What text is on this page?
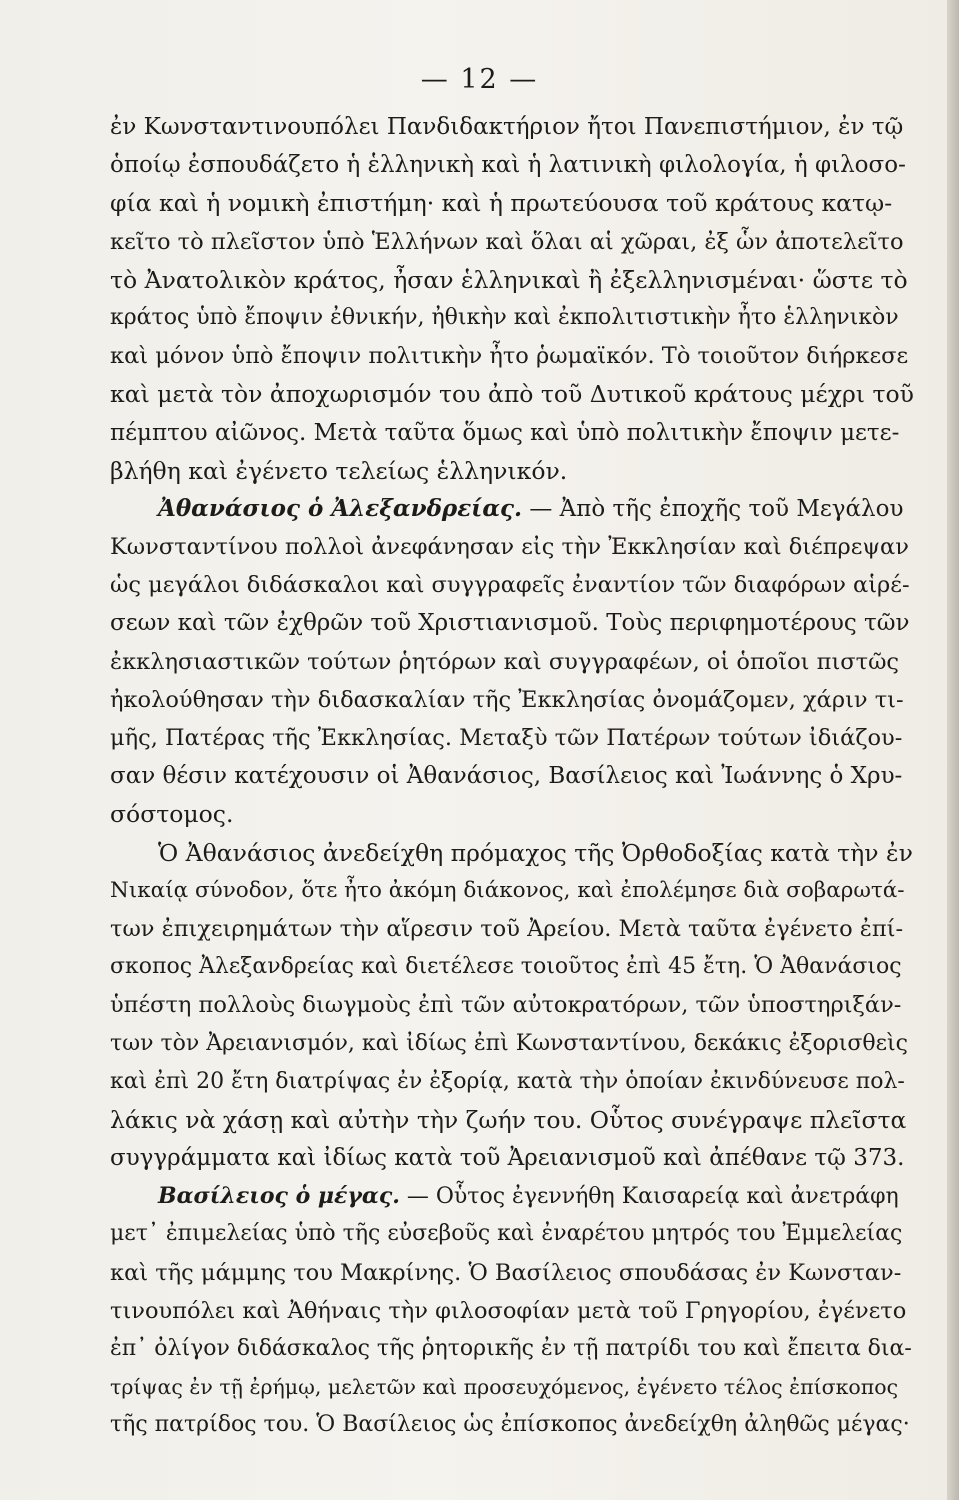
— 12 —
ἐν Κωνσταντινουπόλει Πανδιδακτήριον ἤτοι Πανεπιστήμιον, ἐν τῷ
ὁποίῳ ἐσπουδάζετο ἡ ἑλληνικὴ καὶ ἡ λατινικὴ φιλολογία, ἡ φιλοσο-
φία καὶ ἡ νομικὴ ἐπιστήμη· καὶ ἡ πρωτεύουσα τοῦ κράτους κατῳ-
κεῖτο τὸ πλεῖστον ὑπὸ Ἑλλήνων καὶ ὅλαι αἱ χῶραι, ἐξ ὧν ἀποτελεῖτο
τὸ Ἀνατολικὸν κράτος, ἦσαν ἑλληνικαὶ ἢ ἐξελληνισμέναι· ὥστε τὸ
κράτος ὑπὸ ἔποψιν ἐθνικήν, ἠθικὴν καὶ ἐκπολιτιστικὴν ἦτο ἑλληνικὸν
καὶ μόνον ὑπὸ ἔποψιν πολιτικὴν ἦτο ῥωμαϊκόν. Τὸ τοιοῦτον διήρκεσε
καὶ μετὰ τὸν ἀποχωρισμόν του ἀπὸ τοῦ Δυτικοῦ κράτους μέχρι τοῦ
πέμπτου αἰῶνος. Μετὰ ταῦτα ὅμως καὶ ὑπὸ πολιτικὴν ἔποψιν μετε-
βλήθη καὶ ἐγένετο τελείως ἑλληνικόν.
Ἀθανάσιος ὁ Ἀλεξανδρείας. — Ἀπὸ τῆς ἐποχῆς τοῦ Μεγάλου
Κωνσταντίνου πολλοὶ ἀνεφάνησαν εἰς τὴν Ἐκκλησίαν καὶ διέπρεψαν
ὡς μεγάλοι διδάσκαλοι καὶ συγγραφεῖς ἐναντίον τῶν διαφόρων αἱρέ-
σεων καὶ τῶν ἐχθρῶν τοῦ Χριστιανισμοῦ. Τοὺς περιφημοτέρους τῶν
ἐκκλησιαστικῶν τούτων ῥητόρων καὶ συγγραφέων, οἱ ὁποῖοι πιστῶς
ἠκολούθησαν τὴν διδασκαλίαν τῆς Ἐκκλησίας ὀνομάζομεν, χάριν τι-
μῆς, Πατέρας τῆς Ἐκκλησίας. Μεταξὺ τῶν Πατέρων τούτων ἰδιάζου-
σαν θέσιν κατέχουσιν οἱ Ἀθανάσιος, Βασίλειος καὶ Ἰωάννης ὁ Χρυ-
σόστομος.
Ὁ Ἀθανάσιος ἀνεδείχθη πρόμαχος τῆς Ὀρθοδοξίας κατὰ τὴν ἐν
Νικαίᾳ σύνοδον, ὅτε ἦτο ἀκόμη διάκονος, καὶ ἐπολέμησε διὰ σοβαρωτά-
των ἐπιχειρημάτων τὴν αἵρεσιν τοῦ Ἀρείου. Μετὰ ταῦτα ἐγένετο ἐπί-
σκοπος Ἀλεξανδρείας καὶ διετέλεσε τοιοῦτος ἐπὶ 45 ἔτη. Ὁ Ἀθανάσιος
ὑπέστη πολλοὺς διωγμοὺς ἐπὶ τῶν αὐτοκρατόρων, τῶν ὑποστηριξάν-
των τὸν Ἀρειανισμόν, καὶ ἰδίως ἐπὶ Κωνσταντίνου, δεκάκις ἐξορισθεὶς
καὶ ἐπὶ 20 ἔτη διατρίψας ἐν ἐξορίᾳ, κατὰ τὴν ὁποίαν ἐκινδύνευσε πολ-
λάκις νὰ χάσῃ καὶ αὐτὴν τὴν ζωήν του. Οὗτος συνέγραψε πλεῖστα
συγγράμματα καὶ ἰδίως κατὰ τοῦ Ἀρειανισμοῦ καὶ ἀπέθανε τῷ 373.
Βασίλειος ὁ μέγας. — Οὗτος ἐγεννήθη Καισαρείᾳ καὶ ἀνετράφη
μετ᾽ ἐπιμελείας ὑπὸ τῆς εὐσεβοῦς καὶ ἐναρέτου μητρός του Ἐμμελείας
καὶ τῆς μάμμης του Μακρίνης. Ὁ Βασίλειος σπουδάσας ἐν Κωνσταν-
τινουπόλει καὶ Ἀθήναις τὴν φιλοσοφίαν μετὰ τοῦ Γρηγορίου, ἐγένετο
ἐπ᾽ ὀλίγον διδάσκαλος τῆς ῥητορικῆς ἐν τῇ πατρίδι του καὶ ἔπειτα δια-
τρίψας ἐν τῇ ἐρήμῳ, μελετῶν καὶ προσευχόμενος, ἐγένετο τέλος ἐπίσκοπος
τῆς πατρίδος του. Ὁ Βασίλειος ὡς ἐπίσκοπος ἀνεδείχθη ἀληθῶς μέγας·
